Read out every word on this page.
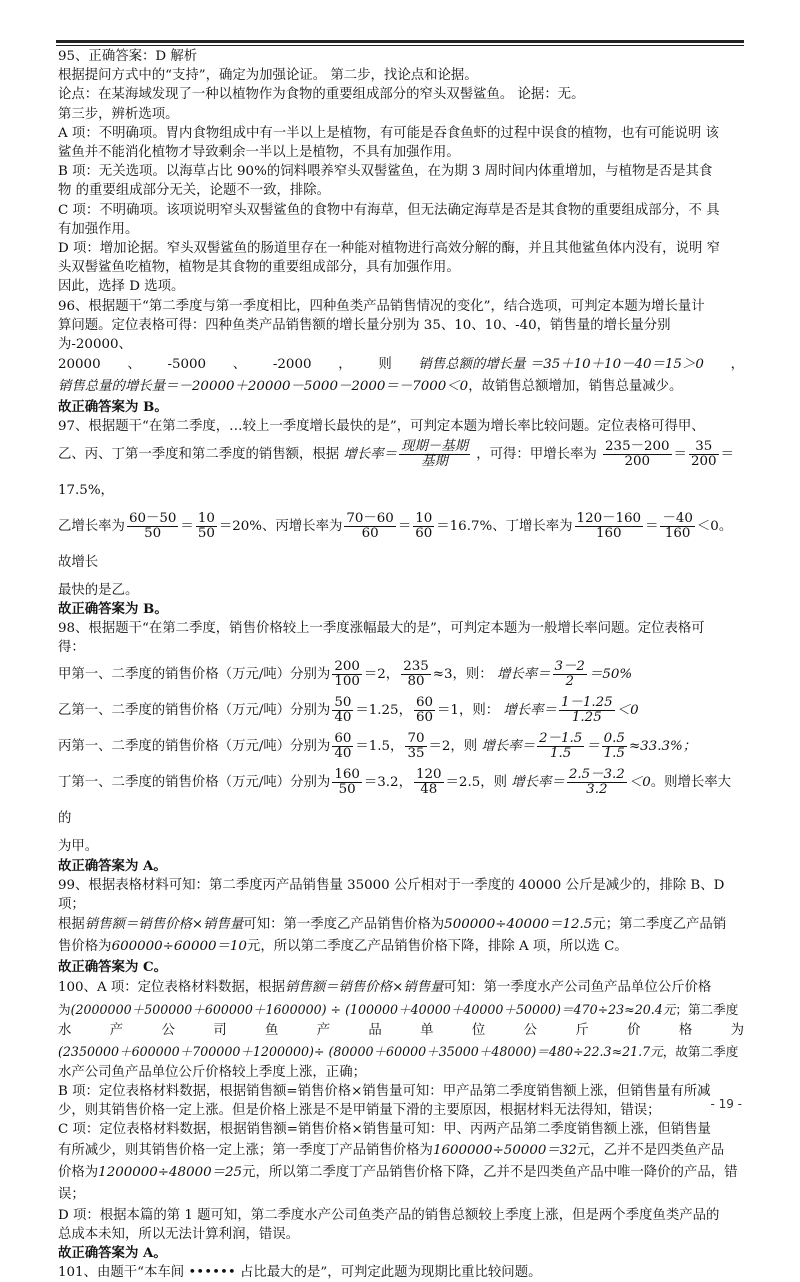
95、正确答案：D 解析

根据提问方式中的“支持”，确定为加强论证。 第二步，找论点和论据。

论点：在某海域发现了一种以植物作为食物的重要组成部分的窄头双髻鲨鱼。 论据：无。

第三步，辨析选项。

A 项：不明确项。胃内食物组成中有一半以上是植物，有可能是吞食鱼虾的过程中误食的植物，也有可能说明 该

鲨鱼并不能消化植物才导致剩余一半以上是植物，不具有加强作用。

B 项：无关选项。以海草占比 90%的饲料喂养窄头双髻鲨鱼，在为期 3 周时间内体重增加，与植物是否是其食

物 的重要组成部分无关，论题不一致，排除。

C 项：不明确项。该项说明窄头双髻鲨鱼的食物中有海草，但无法确定海草是否是其食物的重要组成部分，不 具

有加强作用。

D 项：增加论据。窄头双髻鲨鱼的肠道里存在一种能对植物进行高效分解的酶，并且其他鲨鱼体内没有，说明 窄

头双髻鲨鱼吃植物，植物是其食物的重要组成部分，具有加强作用。

因此，选择 D 选项。

96、根据题干“第二季度与第一季度相比，四种鱼类产品销售情况的变化”，结合选项，可判定本题为增长量计

算问题。定位表格可得：四种鱼类产品销售额的增长量分别为 35、10、10、-40，销售量的增长量分别为-20000、

20000 、 -5000 、 -2000 ， 则 销售总额的增长量 ＝35＋10＋10－40＝15＞0 ，

销售总量的增长量＝－20000＋20000－5000－2000＝－7000＜0，故销售总额增加，销售总量减少。

故正确答案为 B。

97、根据题干“在第二季度，…较上一季度增长最快的是”，可判定本题为增长率比较问题。定位表格可得甲、

乙、丙、丁第一季度和第二季度的销售额，根据 增长率＝ $\frac{\text{现期－基期}}{\text{基期}}$ ，可得：甲增长率为 $\frac{235-200}{200} = \frac{35}{200} =17.5\%$，

乙增长率为 $\frac{60-50}{50} = \frac{10}{50} =20\%$、丙增长率为 $\frac{70-60}{60} = \frac{10}{60} =16.7\%$、丁增长率为 $\frac{120-160}{160} = \frac{-40}{160} <0$。故增长

最快的是乙。

故正确答案为 B。

98、根据题干“在第二季度，销售价格较上一季度涨幅最大的是”，可判定本题为一般增长率问题。定位表格可

得：

甲第一、二季度的销售价格（万元/吨）分别为 $\frac{200}{100} =2$， $\frac{235}{80} \approx 3$，则： 增长率＝ $\frac{3-2}{2} =50\%$

乙第一、二季度的销售价格（万元/吨）分别为 $\frac{50}{40} =1.25$， $\frac{60}{60} =1$，则： 增长率＝ $\frac{1-1.25}{1.25} <0$

丙第一、二季度的销售价格（万元/吨）分别为 $\frac{60}{40} =1.5$， $\frac{70}{35} =2$，则 增长率＝ $\frac{2-1.5}{1.5} = \frac{0.5}{1.5} \approx 33.3\%$；

丁第一、二季度的销售价格（万元/吨）分别为 $\frac{160}{50} =3.2$， $\frac{120}{48} =2.5$，则 增长率＝ $\frac{2.5-3.2}{3.2} <0$。则增长率大的

为甲。

故正确答案为 A。

99、根据表格材料可知：第二季度丙产品销售量 35000 公斤相对于一季度的 40000 公斤是减少的，排除 B、D 项；

根据销售额＝销售价格×销售量可知：第一季度乙产品销售价格为500000÷40000＝12.5元；第二季度乙产品销

售价格为600000÷60000＝10元，所以第二季度乙产品销售价格下降，排除 A 项，所以选 C。

故正确答案为 C。

100、A 项：定位表格材料数据，根据销售额＝销售价格×销售量可知：第一季度水产公司鱼产品单位公斤价格

为(2000000＋500000＋600000＋1600000) ÷ (100000＋40000＋40000＋50000)＝470÷23≈20.4元；第二季度

水 产 公 司 鱼 产 品 单 位 公 斤 价 格 为

(2350000＋600000＋700000＋1200000)÷ (80000＋60000＋35000＋48000)＝480÷22.3≈21.7元，故第二季度

水产公司鱼产品单位公斤价格较上季度上涨，正确；

B 项：定位表格材料数据，根据销售额=销售价格×销售量可知：甲产品第二季度销售额上涨，但销售量有所减

少，则其销售价格一定上涨。但是价格上涨是不是甲销量下滑的主要原因，根据材料无法得知，错误；

C 项：定位表格材料数据，根据销售额=销售价格×销售量可知：甲、丙两产品第二季度销售额上涨，但销售量

有所减少，则其销售价格一定上涨；第一季度丁产品销售价格为1600000÷50000＝32元，乙并不是四类鱼产品

价格为1200000÷48000＝25元，所以第二季度丁产品销售价格下降，乙并不是四类鱼产品中唯一降价的产品，错误；

D 项：根据本篇的第 1 题可知，第二季度水产公司鱼类产品的销售总额较上季度上涨，但是两个季度鱼类产品的

总成本未知，所以无法计算利润，错误。

故正确答案为 A。

101、由题干“本车间 •••••• 占比最大的是”，可判定此题为现期比重比较问题。

- 19 -
